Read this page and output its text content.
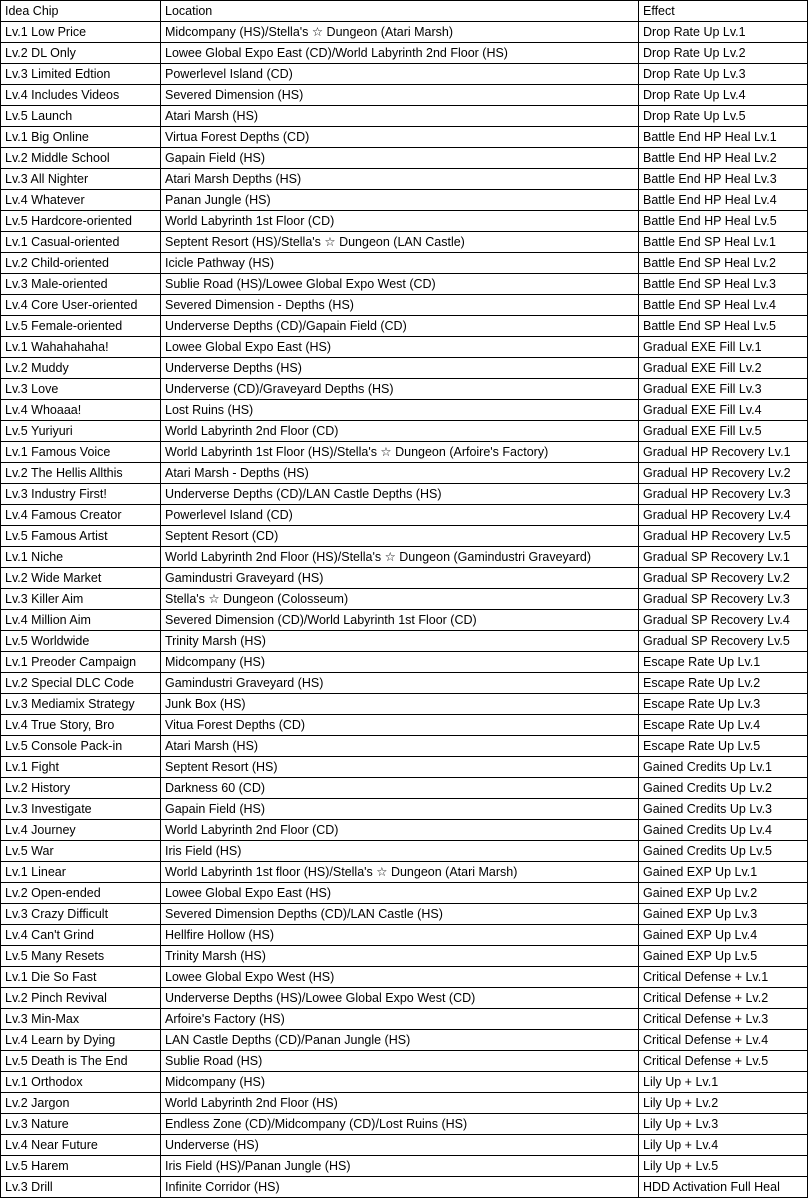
Idea Chip	Location	Effect
Lv.1 Low Price	Midcompany (HS)/Stella's ☆ Dungeon (Atari Marsh)	Drop Rate Up Lv.1
Lv.2 DL Only	Lowee Global Expo East (CD)/World Labyrinth 2nd Floor (HS)	Drop Rate Up Lv.2
Lv.3 Limited Edtion	Powerlevel Island (CD)	Drop Rate Up Lv.3
Lv.4 Includes Videos	Severed Dimension (HS)	Drop Rate Up Lv.4
Lv.5 Launch	Atari Marsh (HS)	Drop Rate Up Lv.5
Lv.1 Big Online	Virtua Forest Depths (CD)	Battle End HP Heal Lv.1
Lv.2 Middle School	Gapain Field (HS)	Battle End HP Heal Lv.2
Lv.3 All Nighter	Atari Marsh Depths (HS)	Battle End HP Heal Lv.3
Lv.4 Whatever	Panan Jungle (HS)	Battle End HP Heal Lv.4
Lv.5 Hardcore-oriented	World Labyrinth 1st Floor (CD)	Battle End HP Heal Lv.5
Lv.1 Casual-oriented	Septent Resort (HS)/Stella's ☆ Dungeon (LAN Castle)	Battle End SP Heal Lv.1
Lv.2 Child-oriented	Icicle Pathway (HS)	Battle End SP Heal Lv.2
Lv.3 Male-oriented	Sublie Road (HS)/Lowee Global Expo West (CD)	Battle End SP Heal Lv.3
Lv.4 Core User-oriented	Severed Dimension - Depths (HS)	Battle End SP Heal Lv.4
Lv.5 Female-oriented	Underverse Depths (CD)/Gapain Field (CD)	Battle End SP Heal Lv.5
Lv.1 Wahahahaha!	Lowee Global Expo East (HS)	Gradual EXE Fill Lv.1
Lv.2 Muddy	Underverse Depths (HS)	Gradual EXE Fill Lv.2
Lv.3 Love	Underverse (CD)/Graveyard Depths (HS)	Gradual EXE Fill Lv.3
Lv.4 Whoaaa!	Lost Ruins (HS)	Gradual EXE Fill Lv.4
Lv.5 Yuriyuri	World Labyrinth 2nd Floor (CD)	Gradual EXE Fill Lv.5
Lv.1 Famous Voice	World Labyrinth 1st Floor (HS)/Stella's ☆ Dungeon (Arfoire's Factory)	Gradual HP Recovery Lv.1
Lv.2 The Hellis Allthis	Atari Marsh - Depths (HS)	Gradual HP Recovery Lv.2
Lv.3 Industry First!	Underverse Depths (CD)/LAN Castle Depths (HS)	Gradual HP Recovery Lv.3
Lv.4 Famous Creator	Powerlevel Island (CD)	Gradual HP Recovery Lv.4
Lv.5 Famous Artist	Septent Resort (CD)	Gradual HP Recovery Lv.5
Lv.1 Niche	World Labyrinth 2nd Floor (HS)/Stella's ☆ Dungeon (Gamindustri Graveyard)	Gradual SP Recovery Lv.1
Lv.2 Wide Market	Gamindustri Graveyard (HS)	Gradual SP Recovery Lv.2
Lv.3 Killer Aim	Stella's ☆ Dungeon (Colosseum)	Gradual SP Recovery Lv.3
Lv.4 Million Aim	Severed Dimension (CD)/World Labyrinth 1st Floor (CD)	Gradual SP Recovery Lv.4
Lv.5 Worldwide	Trinity Marsh (HS)	Gradual SP Recovery Lv.5
Lv.1 Preoder Campaign	Midcompany (HS)	Escape Rate Up Lv.1
Lv.2 Special DLC Code	Gamindustri Graveyard (HS)	Escape Rate Up Lv.2
Lv.3 Mediamix Strategy	Junk Box (HS)	Escape Rate Up Lv.3
Lv.4 True Story, Bro	Vitua Forest Depths (CD)	Escape Rate Up Lv.4
Lv.5 Console Pack-in	Atari Marsh (HS)	Escape Rate Up Lv.5
Lv.1 Fight	Septent Resort (HS)	Gained Credits Up Lv.1
Lv.2 History	Darkness 60 (CD)	Gained Credits Up Lv.2
Lv.3 Investigate	Gapain Field (HS)	Gained Credits Up Lv.3
Lv.4 Journey	World Labyrinth 2nd Floor (CD)	Gained Credits Up Lv.4
Lv.5 War	Iris Field (HS)	Gained Credits Up Lv.5
Lv.1 Linear	World Labyrinth 1st floor (HS)/Stella's ☆ Dungeon (Atari Marsh)	Gained EXP Up Lv.1
Lv.2 Open-ended	Lowee Global Expo East (HS)	Gained EXP Up Lv.2
Lv.3 Crazy Difficult	Severed Dimension Depths (CD)/LAN Castle (HS)	Gained EXP Up Lv.3
Lv.4 Can't Grind	Hellfire Hollow (HS)	Gained EXP Up Lv.4
Lv.5 Many Resets	Trinity Marsh (HS)	Gained EXP Up Lv.5
Lv.1 Die So Fast	Lowee Global Expo West (HS)	Critical Defense + Lv.1
Lv.2 Pinch Revival	Underverse Depths (HS)/Lowee Global Expo West (CD)	Critical Defense + Lv.2
Lv.3 Min-Max	Arfoire's Factory (HS)	Critical Defense + Lv.3
Lv.4 Learn by Dying	LAN Castle Depths (CD)/Panan Jungle (HS)	Critical Defense + Lv.4
Lv.5 Death is The End	Sublie Road (HS)	Critical Defense + Lv.5
Lv.1 Orthodox	Midcompany (HS)	Lily Up + Lv.1
Lv.2 Jargon	World Labyrinth 2nd Floor (HS)	Lily Up + Lv.2
Lv.3 Nature	Endless Zone (CD)/Midcompany (CD)/Lost Ruins (HS)	Lily Up + Lv.3
Lv.4 Near Future	Underverse (HS)	Lily Up + Lv.4
Lv.5 Harem	Iris Field (HS)/Panan Jungle (HS)	Lily Up + Lv.5
Lv.3 Drill	Infinite Corridor (HS)	HDD Activation Full Heal
